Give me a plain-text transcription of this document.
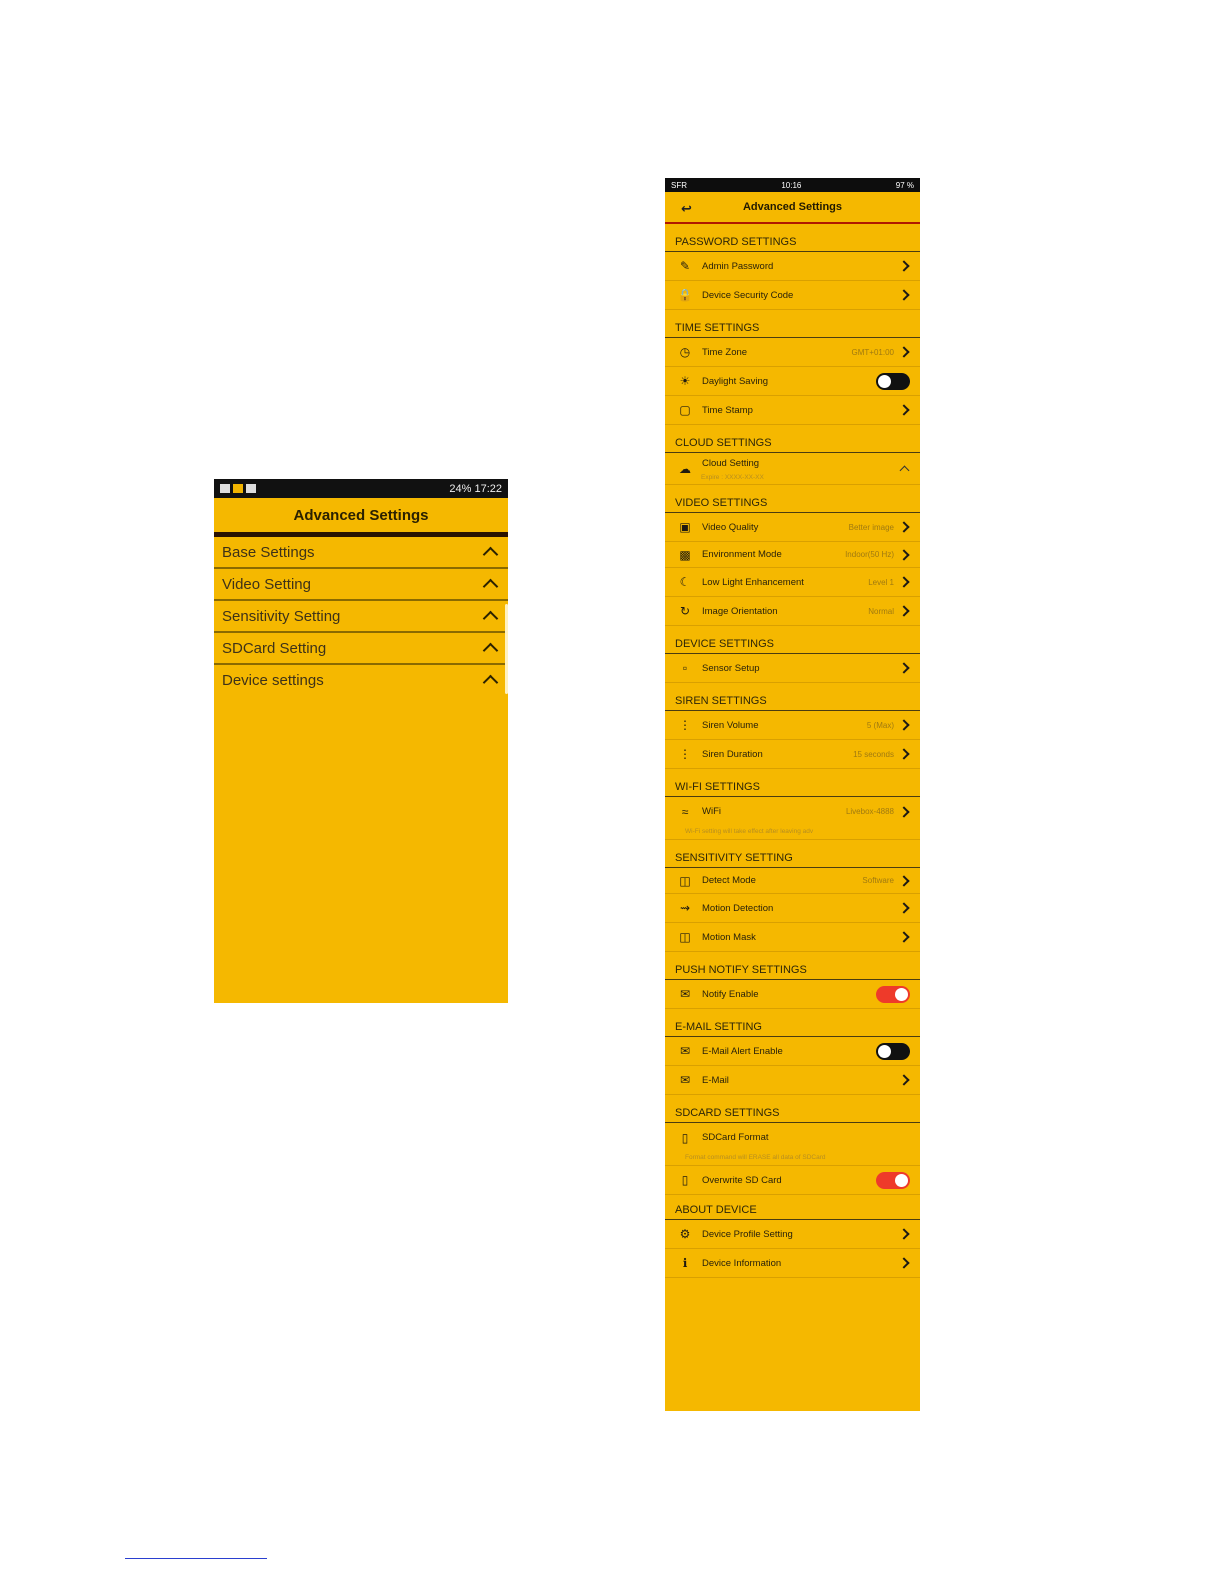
24% 17:22
Advanced Settings
Base Settings
Video Setting
Sensitivity Setting
SDCard Setting
Device settings
SFR	10:16	97 %
↩	Advanced Settings
PASSWORD SETTINGS
✎	Admin Password
🔒 Device Security Code
TIME SETTINGS
◷ Time Zone	GMT+01:00
☀ Daylight Saving
▢ Time Stamp
CLOUD SETTINGS
☁ Cloud Setting
Expire : XXXX-XX-XX
VIDEO SETTINGS
▣ Video Quality	Better image
▩ Environment Mode	Indoor(50 Hz)
☾ Low Light Enhancement	Level 1
↻	Image Orientation	Normal
DEVICE SETTINGS
▫	Sensor Setup
SIREN SETTINGS
⋮ Siren Volume	5 (Max)
⋮ Siren Duration	15 seconds
WI-FI SETTINGS
≈	WiFi	Livebox-4888
Wi-Fi setting will take effect after leaving adv
SENSITIVITY SETTING
◫ Detect Mode	Software
⇝	Motion Detection
◫ Motion Mask
PUSH NOTIFY SETTINGS
✉	Notify Enable
E-MAIL SETTING
✉	E-Mail Alert Enable
✉	E-Mail
SDCARD SETTINGS
▯	SDCard Format
Format command will ERASE all data of SDCard
▯	Overwrite SD Card
ABOUT DEVICE
⚙ Device Profile Setting
ℹ	Device Information
